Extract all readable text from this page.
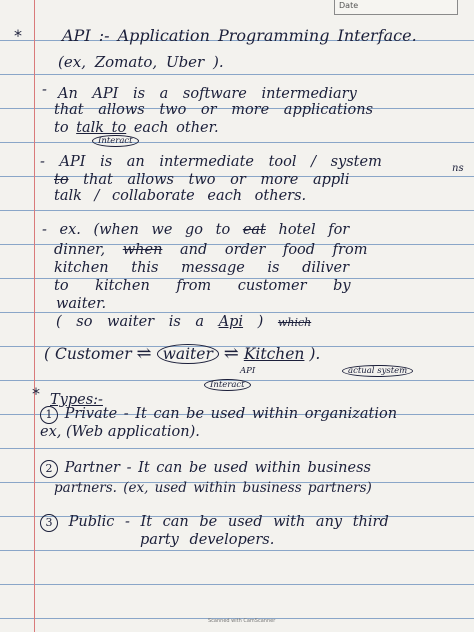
Date
*	API :- Application Programming Interface.
(ex, Zomato, Uber ).
- An API is a software intermediary
that allows two or more applications
to talk to each other.
Interact
- API is an intermediate tool / system
to that allows two or more appli
ns
talk / collaborate each others.
- ex. (when we go to eat hotel for
dinner, when and order food from
kitchen this message is diliver
to kitchen from customer by
waiter.
( so waiter is a Api ) which
( Customer ⇌ waiter ⇌ Kitchen ).
API
Interact
actual system
* Types:-
1 Private - It can be used within organization
ex, (Web application).
2 Partner - It can be used within business
partners. (ex, used within business partners)
3 Public - It can be used with any third
party developers.
Scanned with CamScanner
